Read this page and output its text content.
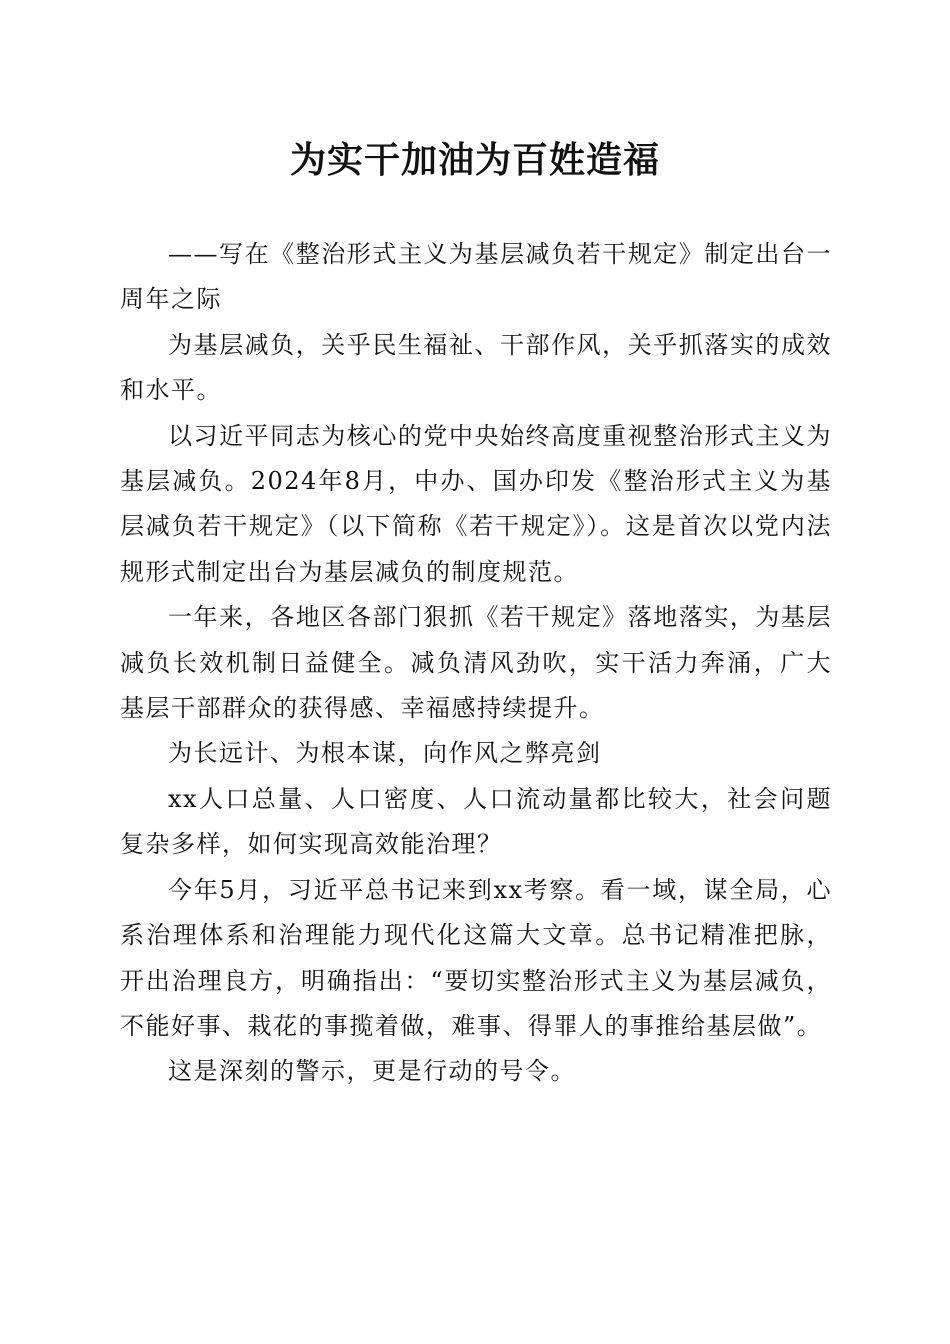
为实干加油为百姓造福

——写在《整治形式主义为基层减负若干规定》制定出台一周年之际

为基层减负，关乎民生福祉、干部作风，关乎抓落实的成效和水平。

以习近平同志为核心的党中央始终高度重视整治形式主义为基层减负。2024年8月，中办、国办印发《整治形式主义为基层减负若干规定》（以下简称《若干规定》）。这是首次以党内法规形式制定出台为基层减负的制度规范。

一年来，各地区各部门狠抓《若干规定》落地落实，为基层减负长效机制日益健全。减负清风劲吹，实干活力奔涌，广大基层干部群众的获得感、幸福感持续提升。

为长远计、为根本谋，向作风之弊亮剑

xx人口总量、人口密度、人口流动量都比较大，社会问题复杂多样，如何实现高效能治理？

今年5月，习近平总书记来到xx考察。看一域，谋全局，心系治理体系和治理能力现代化这篇大文章。总书记精准把脉，开出治理良方，明确指出：“要切实整治形式主义为基层减负，不能好事、栽花的事揽着做，难事、得罪人的事推给基层做”。

这是深刻的警示，更是行动的号令。
